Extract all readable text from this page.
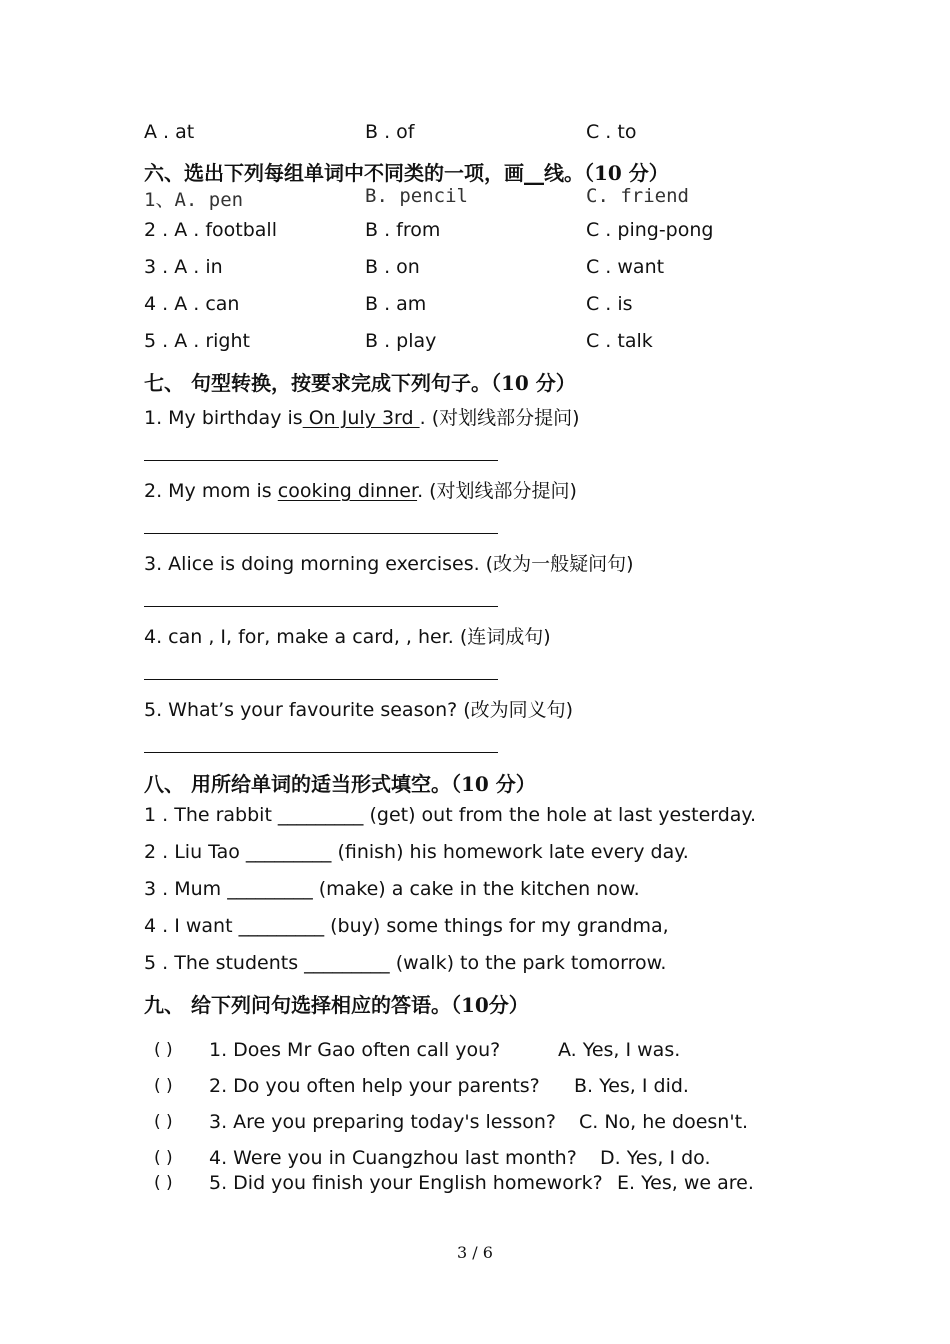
A . at	B . of	C . to
六、选出下列每组单词中不同类的一项，画__线。（10 分）
1、A. pen	B. pencil	C. friend
2 . A . football	B . from	C . ping-pong
3 . A . in	B . on	C . want
4 . A . can	B . am	C . is
5 . A . right	B . play	C . talk
七、 句型转换，按要求完成下列句子。（10 分）
1. My birthday is On July 3rd . (对划线部分提问)
2. My mom is cooking dinner. (对划线部分提问)
3. Alice is doing morning exercises. (改为一般疑问句)
4. can , I, for, make a card, , her. (连词成句)
5. What’s your favourite season? (改为同义句)
八、 用所给单词的适当形式填空。（10 分）
1 . The rabbit _________ (get) out from the hole at last yesterday.
2 . Liu Tao _________ (finish) his homework late every day.
3 . Mum _________ (make) a cake in the kitchen now.
4 . I want _________ (buy) some things for my grandma,
5 . The students _________ (walk) to the park tomorrow.
九、 给下列问句选择相应的答语。（10分）
( ) 1. Does Mr Gao often call you?	A. Yes, I was.
( ) 2. Do you often help your parents? B. Yes, I did.
( ) 3. Are you preparing today's lesson? C. No, he doesn't.
( ) 4. Were you in Cuangzhou last month? D. Yes, I do.
( ) 5. Did you finish your English homework? E. Yes, we are.
3 / 6
